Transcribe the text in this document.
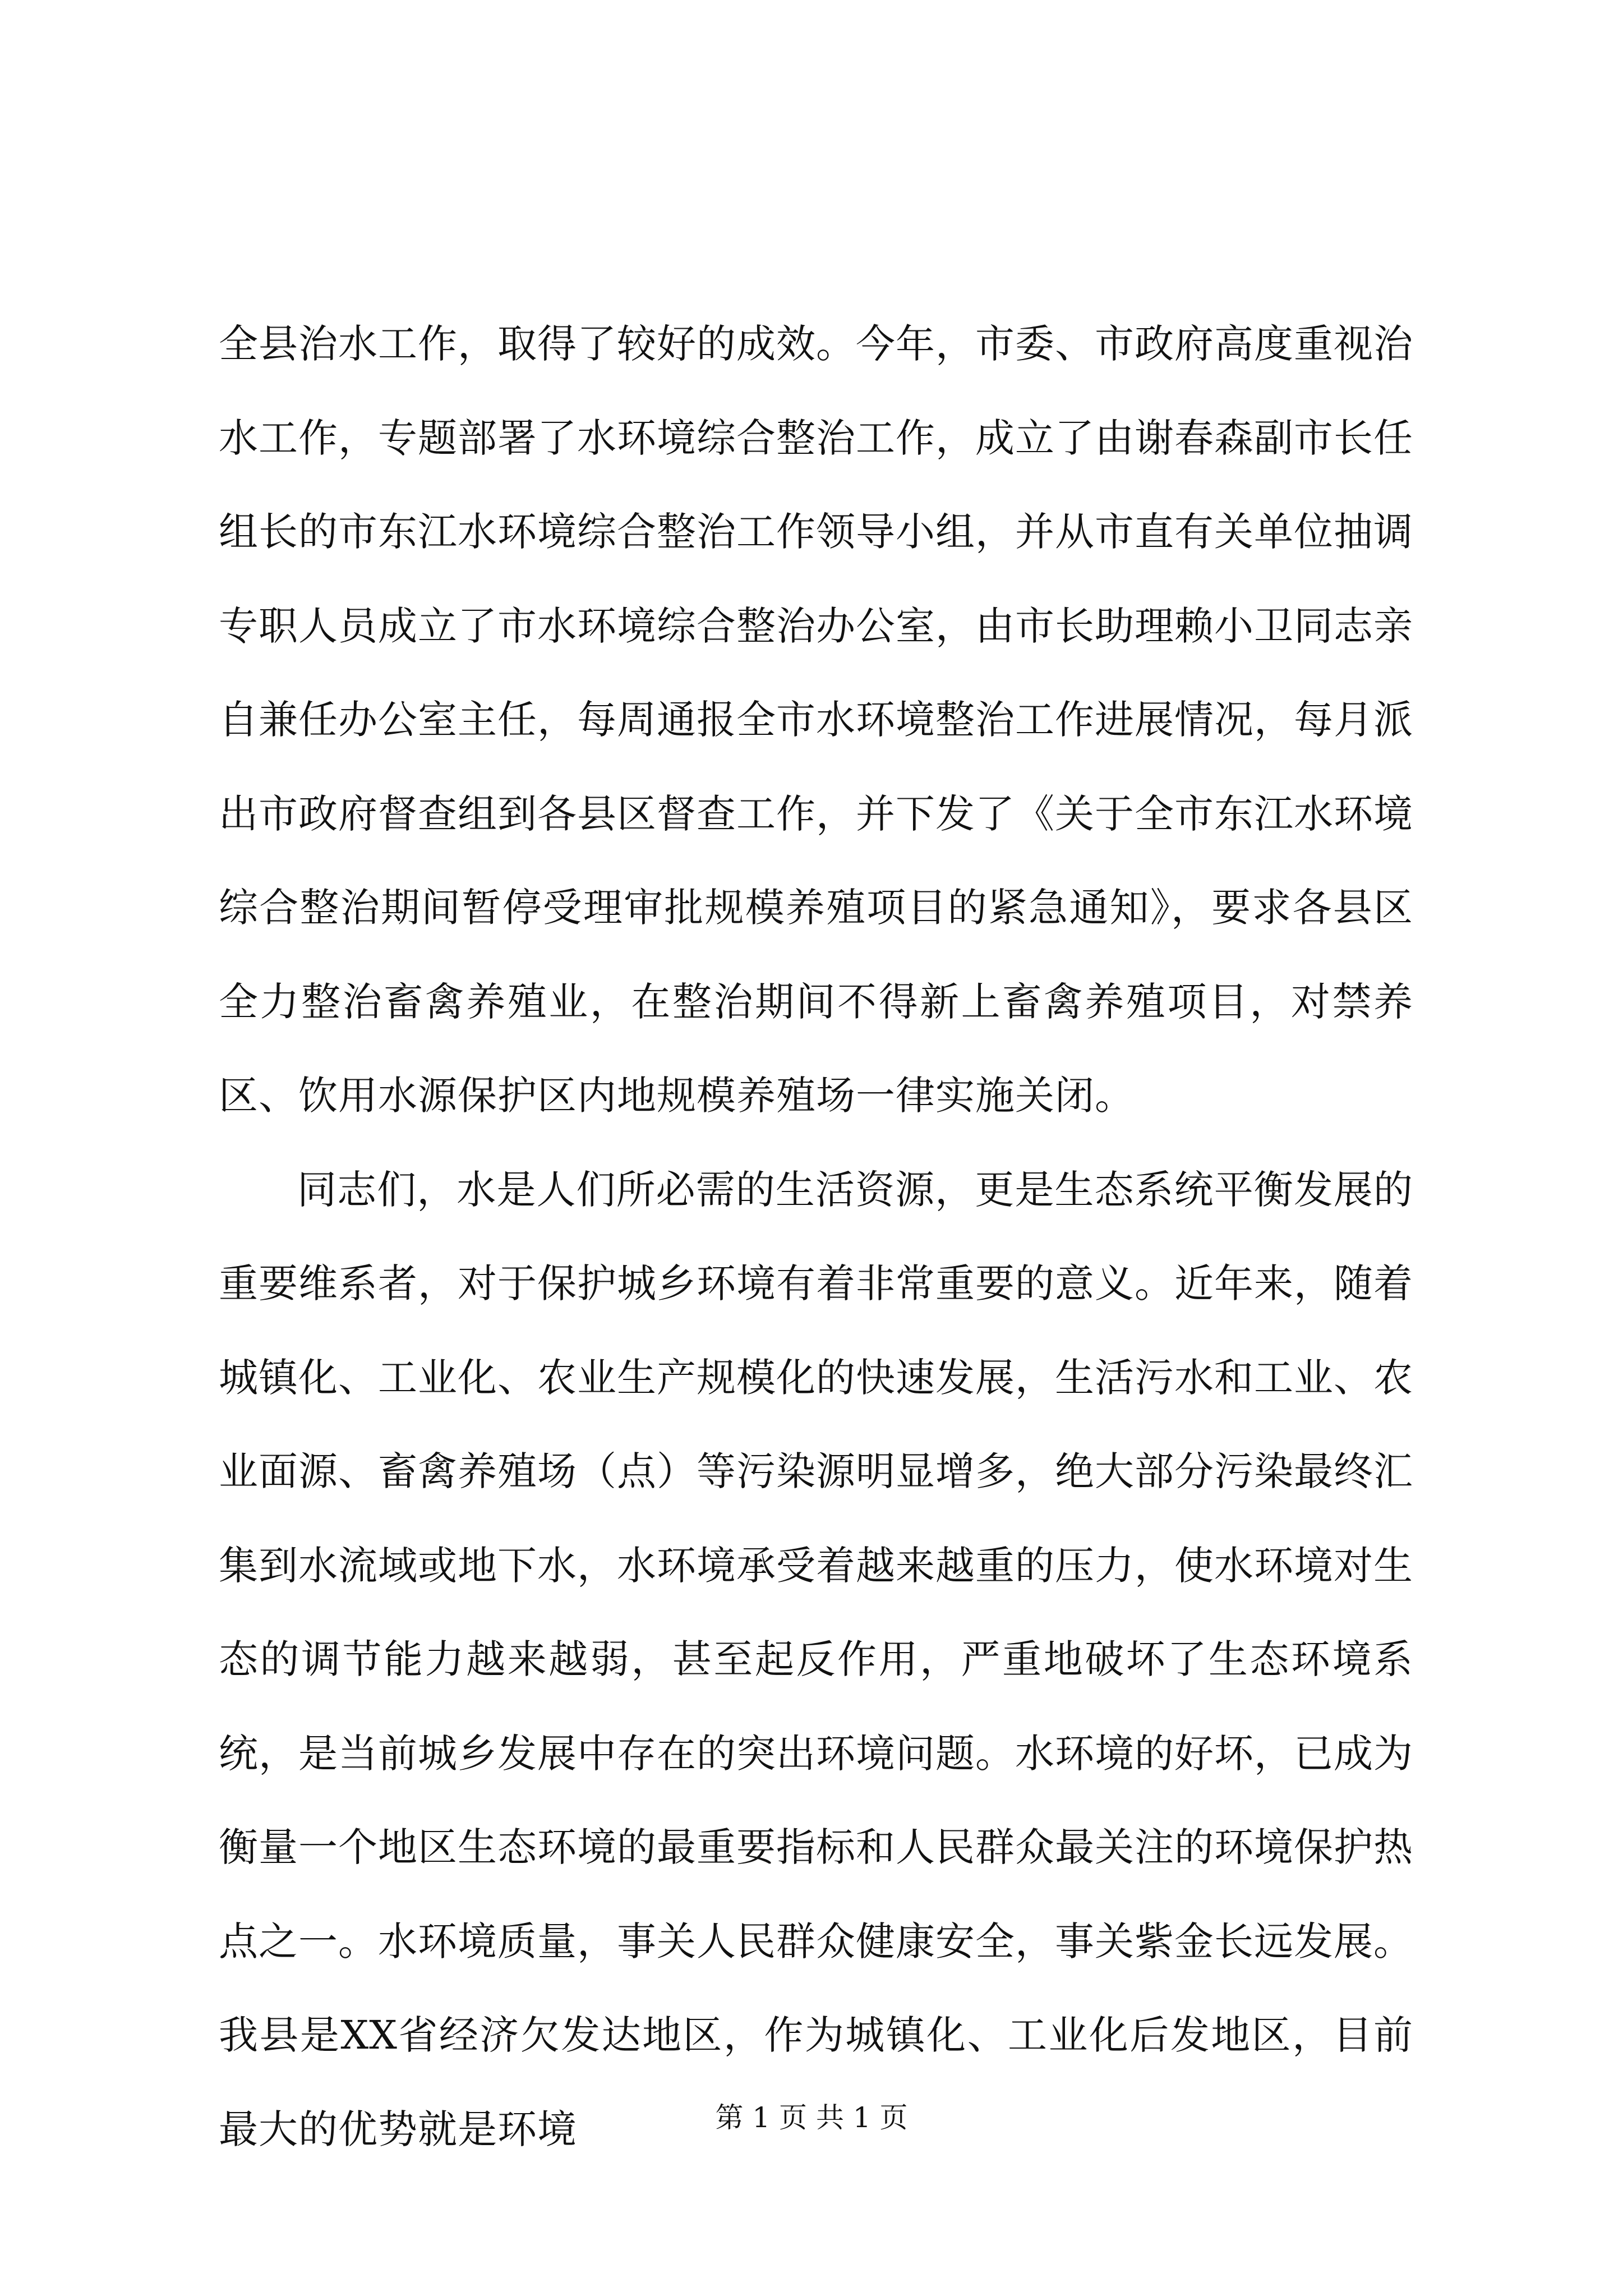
全县治水工作，取得了较好的成效。今年，市委、市政府高度重视治水工作，专题部署了水环境综合整治工作，成立了由谢春森副市长任组长的市东江水环境综合整治工作领导小组，并从市直有关单位抽调专职人员成立了市水环境综合整治办公室，由市长助理赖小卫同志亲自兼任办公室主任，每周通报全市水环境整治工作进展情况，每月派出市政府督查组到各县区督查工作，并下发了《关于全市东江水环境综合整治期间暂停受理审批规模养殖项目的紧急通知》，要求各县区全力整治畜禽养殖业，在整治期间不得新上畜禽养殖项目，对禁养区、饮用水源保护区内地规模养殖场一律实施关闭。

同志们，水是人们所必需的生活资源，更是生态系统平衡发展的重要维系者，对于保护城乡环境有着非常重要的意义。近年来，随着城镇化、工业化、农业生产规模化的快速发展，生活污水和工业、农业面源、畜禽养殖场（点）等污染源明显增多，绝大部分污染最终汇集到水流域或地下水，水环境承受着越来越重的压力，使水环境对生态的调节能力越来越弱，甚至起反作用，严重地破坏了生态环境系统，是当前城乡发展中存在的突出环境问题。水环境的好坏，已成为衡量一个地区生态环境的最重要指标和人民群众最关注的环境保护热点之一。水环境质量，事关人民群众健康安全，事关紫金长远发展。我县是XX省经济欠发达地区，作为城镇化、工业化后发地区，目前最大的优势就是环境	第 1 页 共 1 页
